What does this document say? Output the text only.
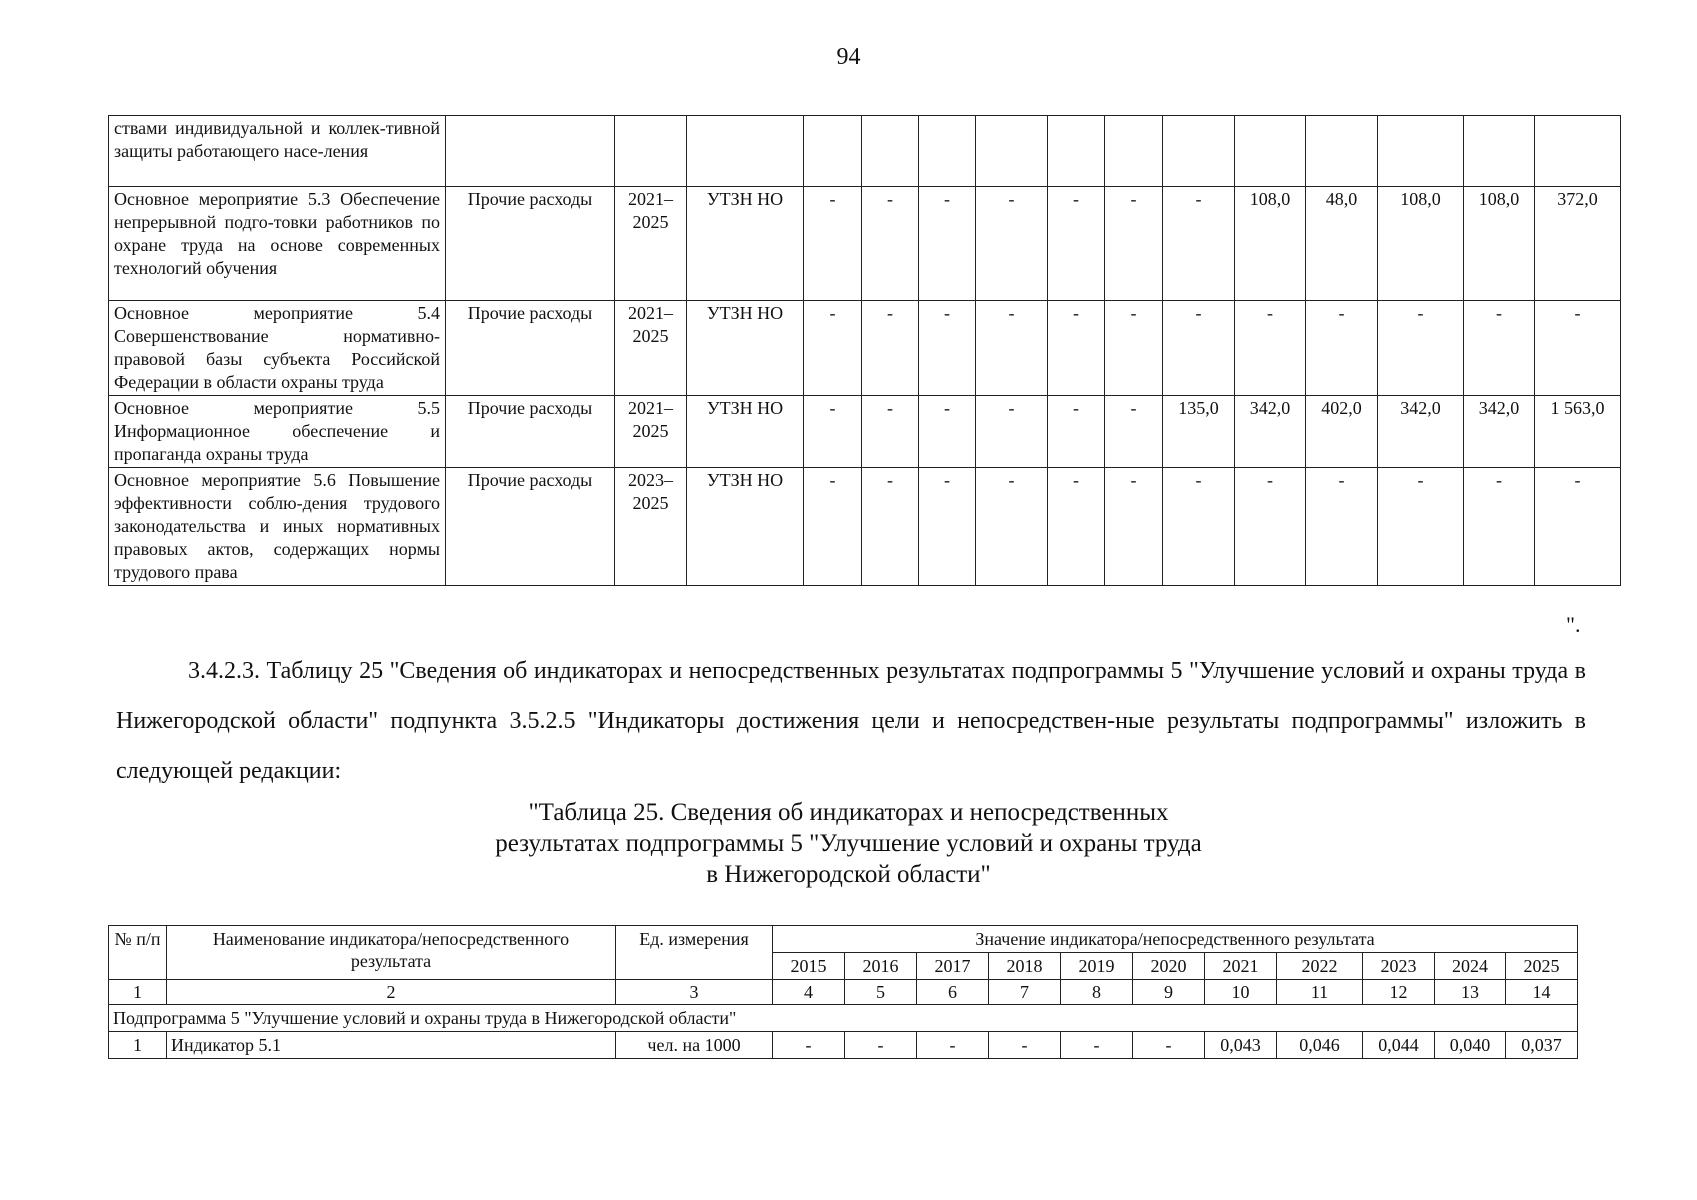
94
ствами индивидуальной и коллек-тивной защиты работающего насе-ления															
Основное мероприятие 5.3 Обеспечение непрерывной подго-товки работников по охране труда на основе современных технологий обучения	Прочие расходы	2021– 2025	УТЗН НО	-	-	-	-	-	-	-	108,0	48,0	108,0	108,0	372,0
Основное мероприятие 5.4 Совершенствование нормативно-правовой базы субъекта Российской Федерации в области охраны труда	Прочие расходы	2021– 2025	УТЗН НО	-	-	-	-	-	-	-	-	-	-	-	-
Основное мероприятие 5.5 Информационное обеспечение и пропаганда охраны труда	Прочие расходы	2021– 2025	УТЗН НО	-	-	-	-	-	-	135,0	342,0	402,0	342,0	342,0	1 563,0
Основное мероприятие 5.6 Повышение эффективности соблю-дения трудового законодательства и иных нормативных правовых актов, содержащих нормы трудового права	Прочие расходы	2023– 2025	УТЗН НО	-	-	-	-	-	-	-	-	-	-	-	-
".

3.4.2.3. Таблицу 25 "Сведения об индикаторах и непосредственных результатах подпрограммы 5 "Улучшение условий и охраны труда в Нижегородской области" подпункта 3.5.2.5 "Индикаторы достижения цели и непосредствен-ные результаты подпрограммы" изложить в следующей редакции:

"Таблица 25. Сведения об индикаторах и непосредственных
результатах подпрограммы 5 "Улучшение условий и охраны труда
в Нижегородской области"
№ п/п	Наименование индикатора/непосредственного результата	Ед. измерения	Значение индикатора/непосредственного результата										
			2015	2016	2017	2018	2019	2020	2021	2022	2023	2024	2025
1	2	3	4	5	6	7	8	9	10	11	12	13	14
Подпрограмма 5 "Улучшение условий и охраны труда в Нижегородской области"													
1	Индикатор 5.1	чел. на 1000	-	-	-	-	-	-	0,043	0,046	0,044	0,040	0,037
